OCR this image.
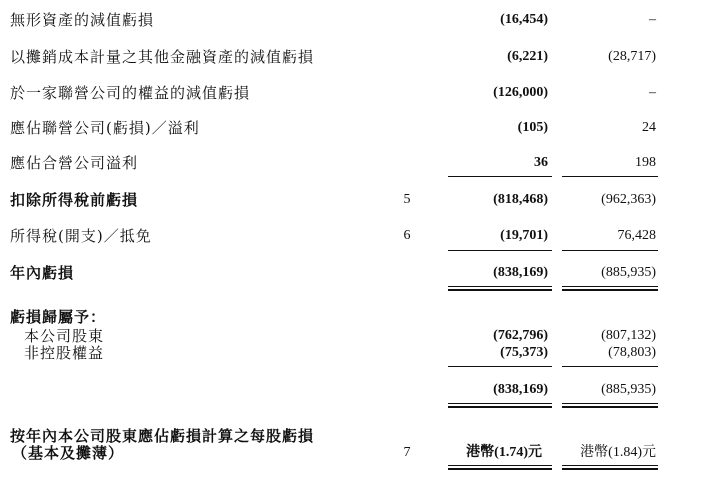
無形資產的減值虧損	(16,454)	–
以攤銷成本計量之其他金融資產的減值虧損	(6,221)	(28,717)
於一家聯營公司的權益的減值虧損	(126,000)	–
應佔聯營公司(虧損)／溢利	(105)	24
應佔合營公司溢利	36	198
扣除所得稅前虧損	5	(818,468)	(962,363)
所得稅(開支)／抵免	6	(19,701)	76,428
年內虧損	(838,169)	(885,935)
虧損歸屬予：
本公司股東	(762,796)	(807,132)
非控股權益	(75,373)	(78,803)
(838,169)	(885,935)
按年內本公司股東應佔虧損計算之每股虧損
（基本及攤薄）	7	港幣(1.74)元	港幣(1.84)元
